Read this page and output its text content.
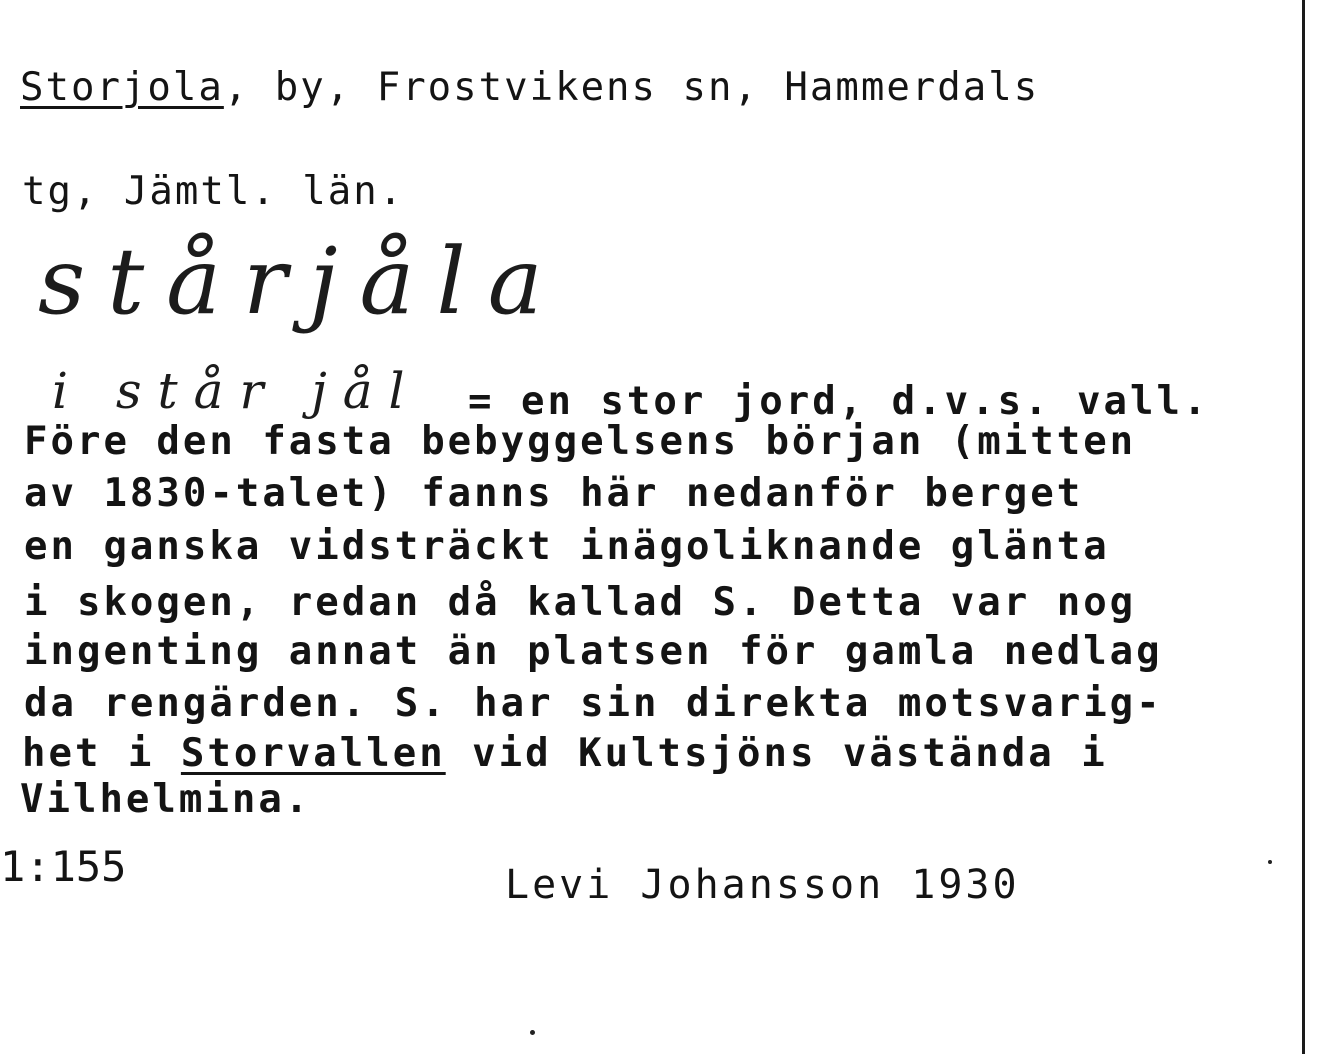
Storjola, by, Frostvikens sn, Hammerdals
tg, Jämtl. län.
stårjåla
i står jål = en stor jord, d.v.s. vall.
Före den fasta bebyggelsens början (mitten
av 1830-talet) fanns här nedanför berget
en ganska vidsträckt inägoliknande glänta
i skogen, redan då kallad S. Detta var nog
ingenting annat än platsen för gamla nedlag
da rengärden. S. har sin direkta motsvarig-
het i Storvallen vid Kultsjöns västända i
Vilhelmina.
1:155	Levi Johansson 1930
